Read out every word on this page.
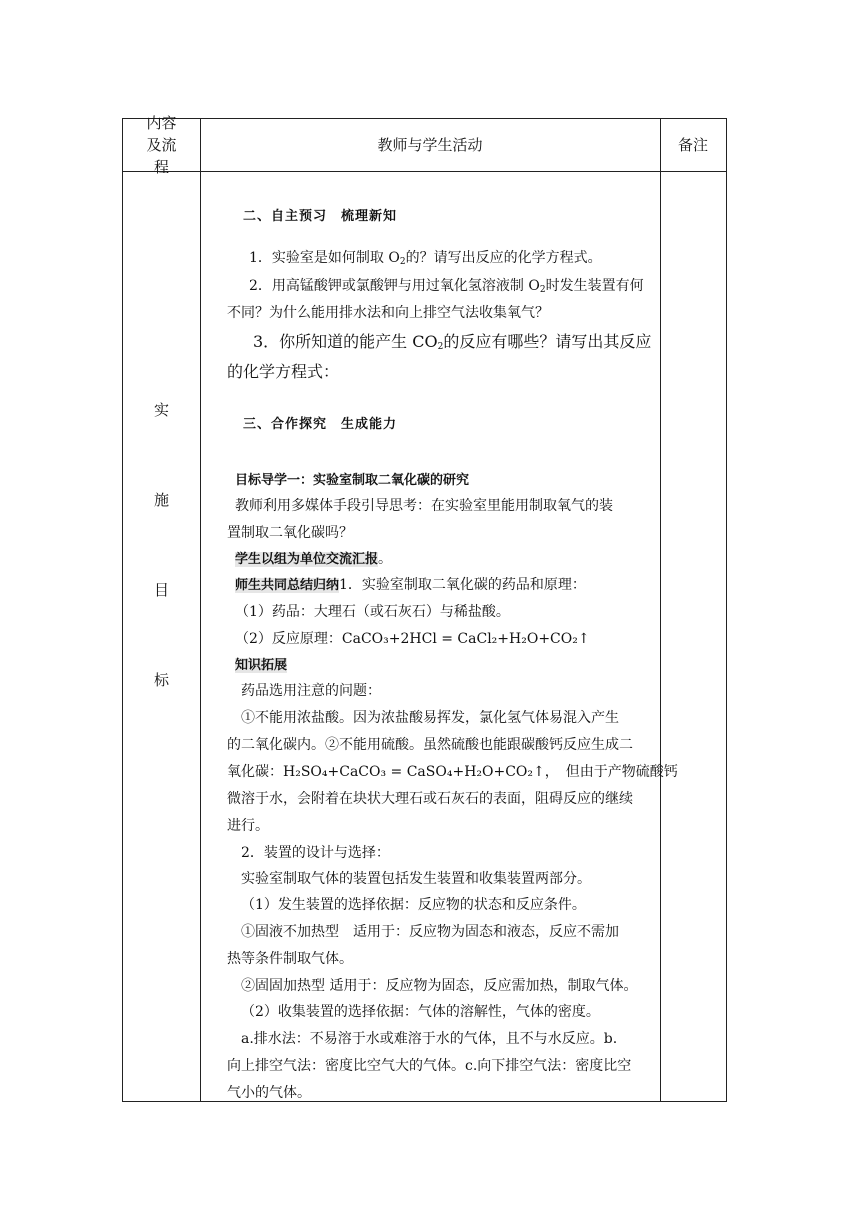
内容及流程
教师与学生活动	备注
实
施
目
标
二、自主预习　梳理新知
1．实验室是如何制取 $O_2$的？请写出反应的化学方程式。
2．用高锰酸钾或氯酸钾与用过氧化氢溶液制 $O_2$时发生装置有何
不同？为什么能用排水法和向上排空气法收集氧气？
3．你所知道的能产生 $CO_2$的反应有哪些？请写出其反应
的化学方程式：
三、合作探究　生成能力
目标导学一：实验室制取二氧化碳的研究
教师利用多媒体手段引导思考：在实验室里能用制取氧气的装
置制取二氧化碳吗？
学生以组为单位交流汇报。
师生共同总结归纳1．实验室制取二氧化碳的药品和原理：
（1）药品：大理石（或石灰石）与稀盐酸。
（2）反应原理：CaCO₃+2HCl = CaCl₂+H₂O+CO₂↑
知识拓展
药品选用注意的问题：
①不能用浓盐酸。因为浓盐酸易挥发，氯化氢气体易混入产生
的二氧化碳内。②不能用硫酸。虽然硫酸也能跟碳酸钙反应生成二
氧化碳：H₂SO₄+CaCO₃ = CaSO₄+H₂O+CO₂↑，　但由于产物硫酸钙
微溶于水，会附着在块状大理石或石灰石的表面，阻碍反应的继续
进行。
2．装置的设计与选择：
实验室制取气体的装置包括发生装置和收集装置两部分。
（1）发生装置的选择依据：反应物的状态和反应条件。
①固液不加热型　适用于：反应物为固态和液态，反应不需加
热等条件制取气体。
②固固加热型 适用于：反应物为固态，反应需加热，制取气体。
（2）收集装置的选择依据：气体的溶解性，气体的密度。
a.排水法：不易溶于水或难溶于水的气体，且不与水反应。b.
向上排空气法：密度比空气大的气体。c.向下排空气法：密度比空
气小的气体。
